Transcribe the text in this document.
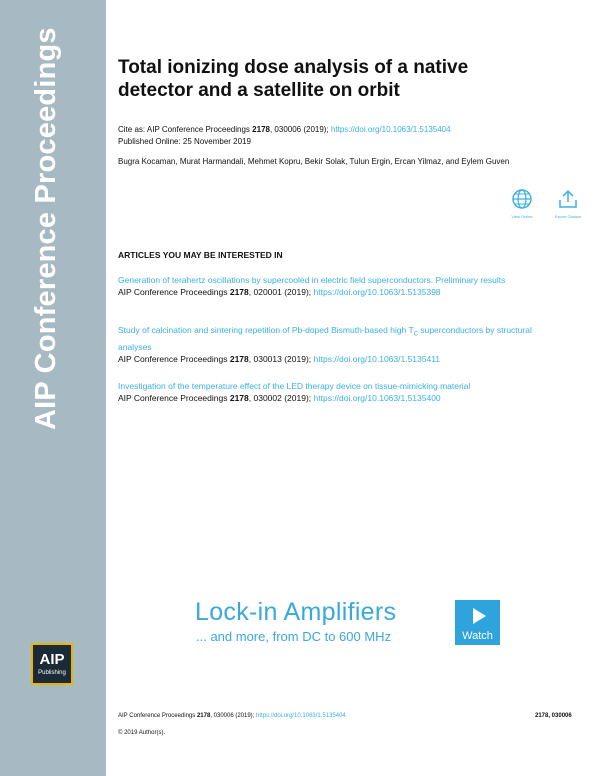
AIP Conference Proceedings
AIP
Publishing
Total ionizing dose analysis of a native detector and a satellite on orbit
Cite as: AIP Conference Proceedings 2178, 030006 (2019); https://doi.org/10.1063/1.5135404
Published Online: 25 November 2019
Bugra Kocaman, Murat Harmandali, Mehmet Kopru, Bekir Solak, Tulun Ergin, Ercan Yilmaz, and Eylem Guven
View Online	Export Citation
ARTICLES YOU MAY BE INTERESTED IN
Generation of terahertz oscillations by supercooled in electric field superconductors. Preliminary results
AIP Conference Proceedings 2178, 020001 (2019); https://doi.org/10.1063/1.5135398
Study of calcination and sintering repetition of Pb-doped Bismuth-based high $T_C$ superconductors by structural analyses
AIP Conference Proceedings 2178, 030013 (2019); https://doi.org/10.1063/1.5135411
Investigation of the temperature effect of the LED therapy device on tissue-mimicking material
AIP Conference Proceedings 2178, 030002 (2019); https://doi.org/10.1063/1.5135400
Lock-in Amplifiers
... and more, from DC to 600 MHz	Watch
AIP Conference Proceedings 2178, 030006 (2019); https://doi.org/10.1063/1.5135404	2178, 030006
© 2019 Author(s).
